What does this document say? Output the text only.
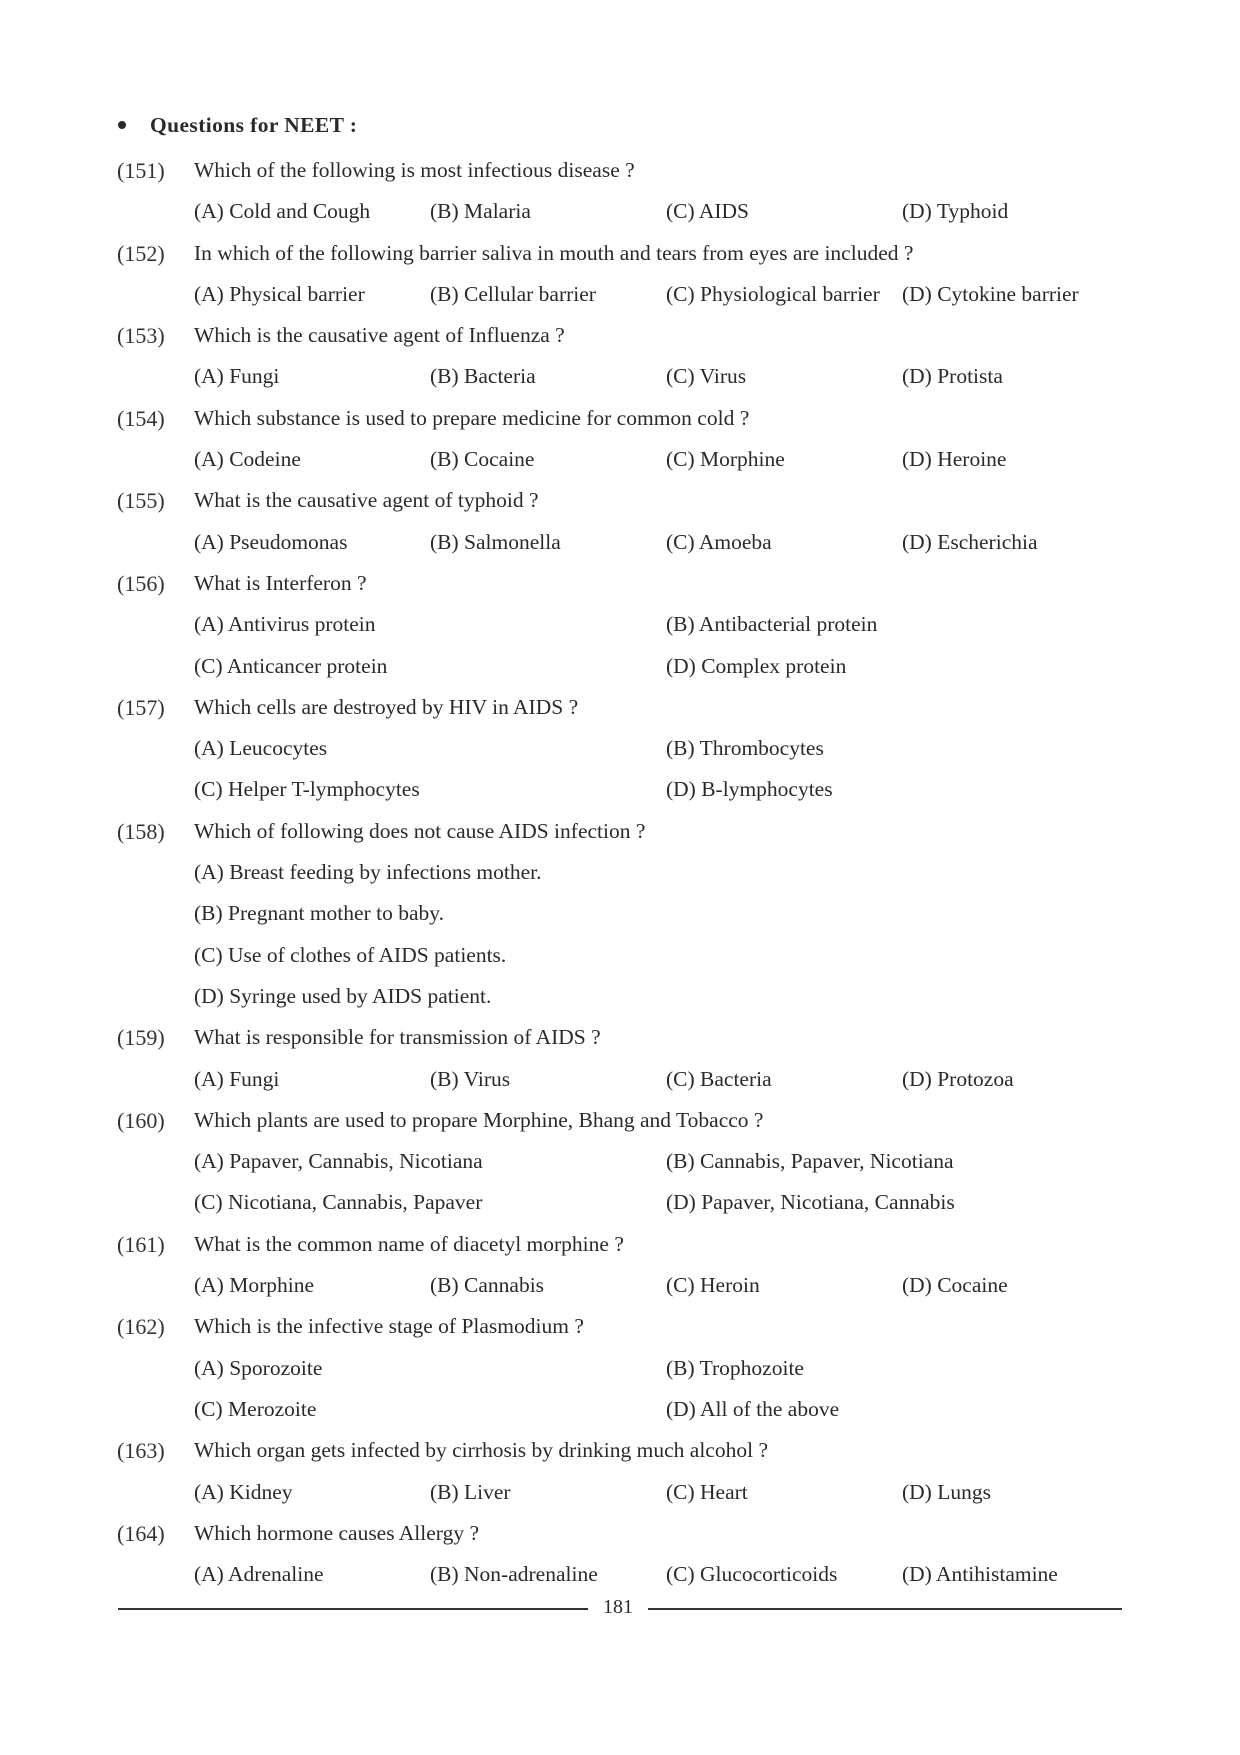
Questions for NEET :
(151) Which of the following is most infectious disease ?
(A) Cold and Cough	(B) Malaria	(C) AIDS	(D) Typhoid
(152) In which of the following barrier saliva in mouth and tears from eyes are included ?
(A) Physical barrier	(B) Cellular barrier	(C) Physiological barrier (D) Cytokine barrier
(153) Which is the causative agent of Influenza ?
(A) Fungi	(B) Bacteria	(C) Virus	(D) Protista
(154) Which substance is used to prepare medicine for common cold ?
(A) Codeine	(B) Cocaine	(C) Morphine	(D) Heroine
(155) What is the causative agent of typhoid ?
(A) Pseudomonas	(B) Salmonella	(C) Amoeba	(D) Escherichia
(156) What is Interferon ?
(A) Antivirus protein	(B) Antibacterial protein
(C) Anticancer protein	(D) Complex protein
(157) Which cells are destroyed by HIV in AIDS ?
(A) Leucocytes	(B) Thrombocytes
(C) Helper T-lymphocytes	(D) B-lymphocytes
(158) Which of following does not cause AIDS infection ?
(A) Breast feeding by infections mother.
(B) Pregnant mother to baby.
(C) Use of clothes of AIDS patients.
(D) Syringe used by AIDS patient.
(159) What is responsible for transmission of AIDS ?
(A) Fungi	(B) Virus	(C) Bacteria	(D) Protozoa
(160) Which plants are used to propare Morphine, Bhang and Tobacco ?
(A) Papaver, Cannabis, Nicotiana	(B) Cannabis, Papaver, Nicotiana
(C) Nicotiana, Cannabis, Papaver	(D) Papaver, Nicotiana, Cannabis
(161) What is the common name of diacetyl morphine ?
(A) Morphine	(B) Cannabis	(C) Heroin	(D) Cocaine
(162) Which is the infective stage of Plasmodium ?
(A) Sporozoite	(B) Trophozoite
(C) Merozoite	(D) All of the above
(163) Which organ gets infected by cirrhosis by drinking much alcohol ?
(A) Kidney	(B) Liver	(C) Heart	(D) Lungs
(164) Which hormone causes Allergy ?
(A) Adrenaline	(B) Non-adrenaline	(C) Glucocorticoids	(D) Antihistamine
181
